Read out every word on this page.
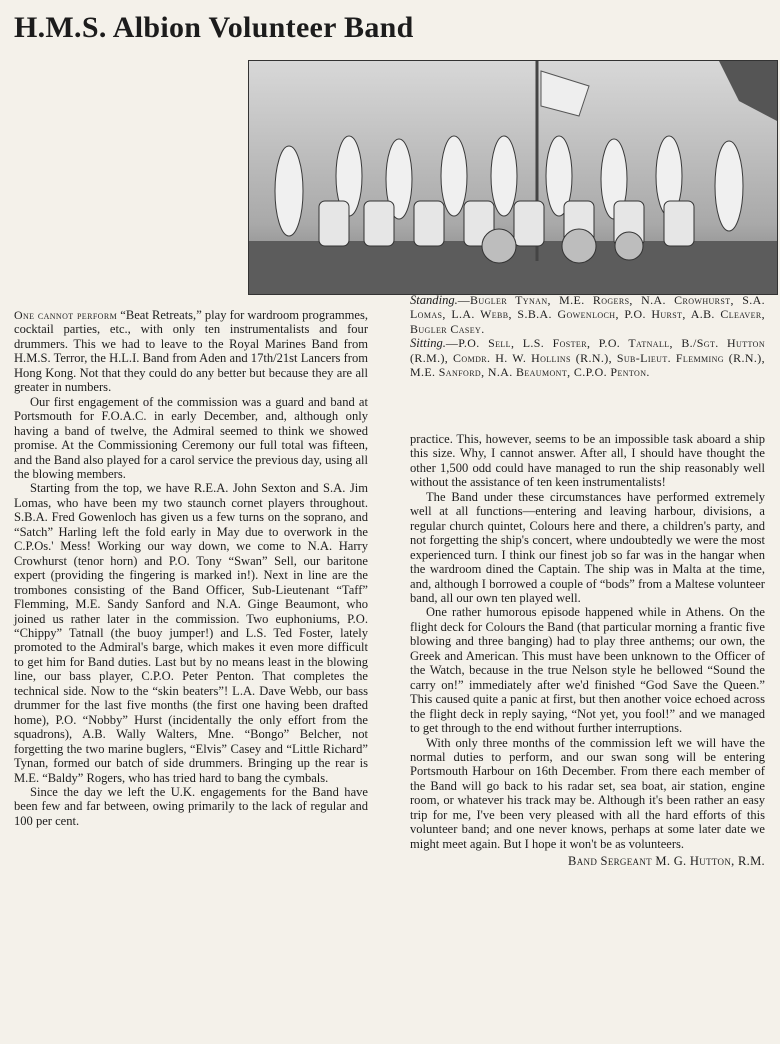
H.M.S. Albion Volunteer Band

Standing.—Bugler Tynan, M.E. Rogers, N.A. Crowhurst, S.A. Lomas, L.A. Webb, S.B.A. Gowenloch, P.O. Hurst, A.B. Cleaver, Bugler Casey.

Sitting.—P.O. Sell, L.S. Foster, P.O. Tatnall, B./Sgt. Hutton (R.M.), Comdr. H. W. Hollins (R.N.), Sub-Lieut. Flemming (R.N.), M.E. Sanford, N.A. Beaumont, C.P.O. Penton.

One cannot perform “Beat Retreats,” play for wardroom programmes, cocktail parties, etc., with only ten instrumentalists and four drummers. This we had to leave to the Royal Marines Band from H.M.S. Terror, the H.L.I. Band from Aden and 17th/21st Lancers from Hong Kong. Not that they could do any better but because they are all greater in numbers.

Our first engagement of the commission was a guard and band at Portsmouth for F.O.A.C. in early December, and, although only having a band of twelve, the Admiral seemed to think we showed promise. At the Commissioning Ceremony our full total was fifteen, and the Band also played for a carol service the previous day, using all the blowing members.

Starting from the top, we have R.E.A. John Sexton and S.A. Jim Lomas, who have been my two staunch cornet players throughout. S.B.A. Fred Gowenloch has given us a few turns on the soprano, and “Satch” Harling left the fold early in May due to overwork in the C.P.Os.' Mess! Working our way down, we come to N.A. Harry Crowhurst (tenor horn) and P.O. Tony “Swan” Sell, our baritone expert (providing the fingering is marked in!). Next in line are the trombones consisting of the Band Officer, Sub-Lieutenant “Taff” Flemming, M.E. Sandy Sanford and N.A. Ginge Beaumont, who joined us rather later in the commission. Two euphoniums, P.O. “Chippy” Tatnall (the buoy jumper!) and L.S. Ted Foster, lately promoted to the Admiral's barge, which makes it even more difficult to get him for Band duties. Last but by no means least in the blowing line, our bass player, C.P.O. Peter Penton. That completes the technical side. Now to the “skin beaters”! L.A. Dave Webb, our bass drummer for the last five months (the first one having been drafted home), P.O. “Nobby” Hurst (incidentally the only effort from the squadrons), A.B. Wally Walters, Mne. “Bongo” Belcher, not forgetting the two marine buglers, “Elvis” Casey and “Little Richard” Tynan, formed our batch of side drummers. Bringing up the rear is M.E. “Baldy” Rogers, who has tried hard to bang the cymbals.

Since the day we left the U.K. engagements for the Band have been few and far between, owing primarily to the lack of regular and 100 per cent.

practice. This, however, seems to be an impossible task aboard a ship this size. Why, I cannot answer. After all, I should have thought the other 1,500 odd could have managed to run the ship reasonably well without the assistance of ten keen instrumentalists!

The Band under these circumstances have performed extremely well at all functions—entering and leaving harbour, divisions, a regular church quintet, Colours here and there, a children's party, and not forgetting the ship's concert, where undoubtedly we were the most experienced turn. I think our finest job so far was in the hangar when the wardroom dined the Captain. The ship was in Malta at the time, and, although I borrowed a couple of “bods” from a Maltese volunteer band, all our own ten played well.

One rather humorous episode happened while in Athens. On the flight deck for Colours the Band (that particular morning a frantic five blowing and three banging) had to play three anthems; our own, the Greek and American. This must have been unknown to the Officer of the Watch, because in the true Nelson style he bellowed “Sound the carry on!” immediately after we'd finished “God Save the Queen.” This caused quite a panic at first, but then another voice echoed across the flight deck in reply saying, “Not yet, you fool!” and we managed to get through to the end without further interruptions.

With only three months of the commission left we will have the normal duties to perform, and our swan song will be entering Portsmouth Harbour on 16th December. From there each member of the Band will go back to his radar set, sea boat, air station, engine room, or whatever his track may be. Although it's been rather an easy trip for me, I've been very pleased with all the hard efforts of this volunteer band; and one never knows, perhaps at some later date we might meet again. But I hope it won't be as volunteers.

Band Sergeant M. G. Hutton, R.M.
